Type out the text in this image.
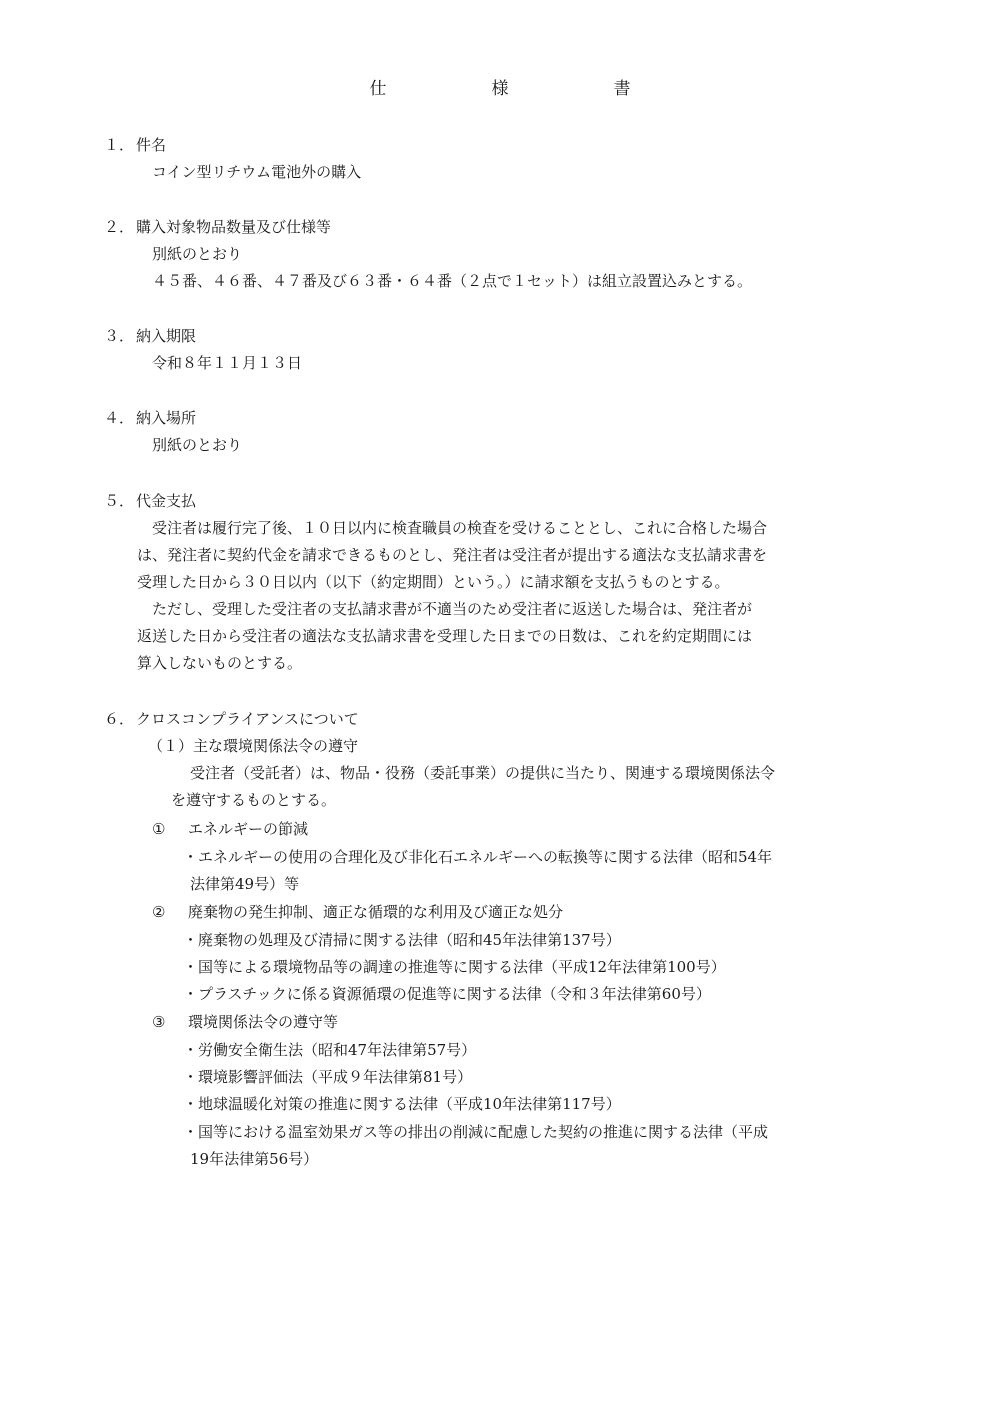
仕　様　書
１． 件名
コイン型リチウム電池外の購入
２． 購入対象物品数量及び仕様等
別紙のとおり
４５番、４６番、４７番及び６３番・６４番（２点で１セット）は組立設置込みとする。
３． 納入期限
令和８年１１月１３日
４． 納入場所
別紙のとおり
５． 代金支払
受注者は履行完了後、１０日以内に検査職員の検査を受けることとし、これに合格した場合
は、発注者に契約代金を請求できるものとし、発注者は受注者が提出する適法な支払請求書を
受理した日から３０日以内（以下（約定期間）という。）に請求額を支払うものとする。
ただし、受理した受注者の支払請求書が不適当のため受注者に返送した場合は、発注者が
返送した日から受注者の適法な支払請求書を受理した日までの日数は、これを約定期間には
算入しないものとする。
６． クロスコンプライアンスについて
（１）主な環境関係法令の遵守
受注者（受託者）は、物品・役務（委託事業）の提供に当たり、関連する環境関係法令
を遵守するものとする。
① エネルギーの節減
・エネルギーの使用の合理化及び非化石エネルギーへの転換等に関する法律（昭和54年
法律第49号）等
② 廃棄物の発生抑制、適正な循環的な利用及び適正な処分
・廃棄物の処理及び清掃に関する法律（昭和45年法律第137号）
・国等による環境物品等の調達の推進等に関する法律（平成12年法律第100号）
・プラスチックに係る資源循環の促進等に関する法律（令和３年法律第60号）
③ 環境関係法令の遵守等
・労働安全衛生法（昭和47年法律第57号）
・環境影響評価法（平成９年法律第81号）
・地球温暖化対策の推進に関する法律（平成10年法律第117号）
・国等における温室効果ガス等の排出の削減に配慮した契約の推進に関する法律（平成
19年法律第56号）
